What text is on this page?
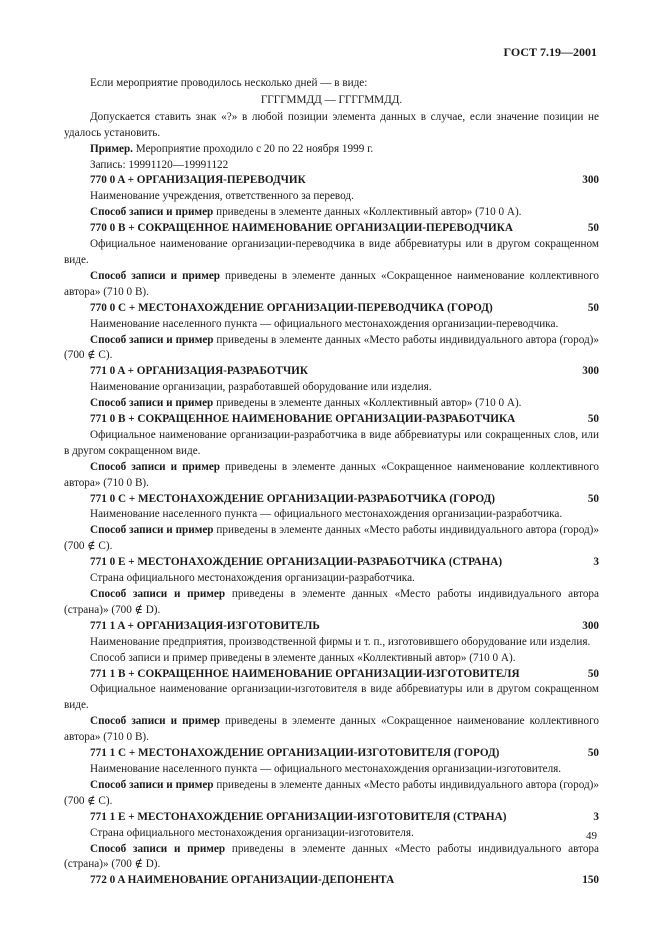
ГОСТ 7.19—2001

Если мероприятие проводилось несколько дней — в виде:

ГГГГММДД — ГГГГММДД.

Допускается ставить знак «?» в любой позиции элемента данных в случае, если значение позиции не удалось установить.

Пример. Мероприятие проходило с 20 по 22 ноября 1999 г.

Запись: 19991120—19991122

770 0 A + ОРГАНИЗАЦИЯ-ПЕРЕВОДЧИК	300

Наименование учреждения, ответственного за перевод.

Способ записи и пример приведены в элементе данных «Коллективный автор» (710 0 A).

770 0 B + СОКРАЩЕННОЕ НАИМЕНОВАНИЕ ОРГАНИЗАЦИИ-ПЕРЕВОДЧИКА	50

Официальное наименование организации-переводчика в виде аббревиатуры или в другом сокращенном виде.

Способ записи и пример приведены в элементе данных «Сокращенное наименование коллективного автора» (710 0 B).

770 0 C + МЕСТОНАХОЖДЕНИЕ ОРГАНИЗАЦИИ-ПЕРЕВОДЧИКА (ГОРОД)	50

Наименование населенного пункта — официального местонахождения организации-переводчика.

Способ записи и пример приведены в элементе данных «Место работы индивидуального автора (город)» (700 ∉ C).

771 0 A + ОРГАНИЗАЦИЯ-РАЗРАБОТЧИК	300

Наименование организации, разработавшей оборудование или изделия.

Способ записи и пример приведены в элементе данных «Коллективный автор» (710 0 A).

771 0 B + СОКРАЩЕННОЕ НАИМЕНОВАНИЕ ОРГАНИЗАЦИИ-РАЗРАБОТЧИКА	50

Официальное наименование организации-разработчика в виде аббревиатуры или сокращенных слов, или в другом сокращенном виде.

Способ записи и пример приведены в элементе данных «Сокращенное наименование коллективного автора» (710 0 B).

771 0 C + МЕСТОНАХОЖДЕНИЕ ОРГАНИЗАЦИИ-РАЗРАБОТЧИКА (ГОРОД)	50

Наименование населенного пункта — официального местонахождения организации-разработчика.

Способ записи и пример приведены в элементе данных «Место работы индивидуального автора (город)» (700 ∉ C).

771 0 E + МЕСТОНАХОЖДЕНИЕ ОРГАНИЗАЦИИ-РАЗРАБОТЧИКА (СТРАНА)	3

Страна официального местонахождения организации-разработчика.

Способ записи и пример приведены в элементе данных «Место работы индивидуального автора (страна)» (700 ∉ D).

771 1 A + ОРГАНИЗАЦИЯ-ИЗГОТОВИТЕЛЬ	300

Наименование предприятия, производственной фирмы и т. п., изготовившего оборудование или изделия.

Способ записи и пример приведены в элементе данных «Коллективный автор» (710 0 A).

771 1 B + СОКРАЩЕННОЕ НАИМЕНОВАНИЕ ОРГАНИЗАЦИИ-ИЗГОТОВИТЕЛЯ	50

Официальное наименование организации-изготовителя в виде аббревиатуры или в другом сокращенном виде.

Способ записи и пример приведены в элементе данных «Сокращенное наименование коллективного автора» (710 0 B).

771 1 C + МЕСТОНАХОЖДЕНИЕ ОРГАНИЗАЦИИ-ИЗГОТОВИТЕЛЯ (ГОРОД)	50

Наименование населенного пункта — официального местонахождения организации-изготовителя.

Способ записи и пример приведены в элементе данных «Место работы индивидуального автора (город)» (700 ∉ C).

771 1 E + МЕСТОНАХОЖДЕНИЕ ОРГАНИЗАЦИИ-ИЗГОТОВИТЕЛЯ (СТРАНА)	3

Страна официального местонахождения организации-изготовителя.

Способ записи и пример приведены в элементе данных «Место работы индивидуального автора (страна)» (700 ∉ D).

772 0 A НАИМЕНОВАНИЕ ОРГАНИЗАЦИИ-ДЕПОНЕНТА	150
49
